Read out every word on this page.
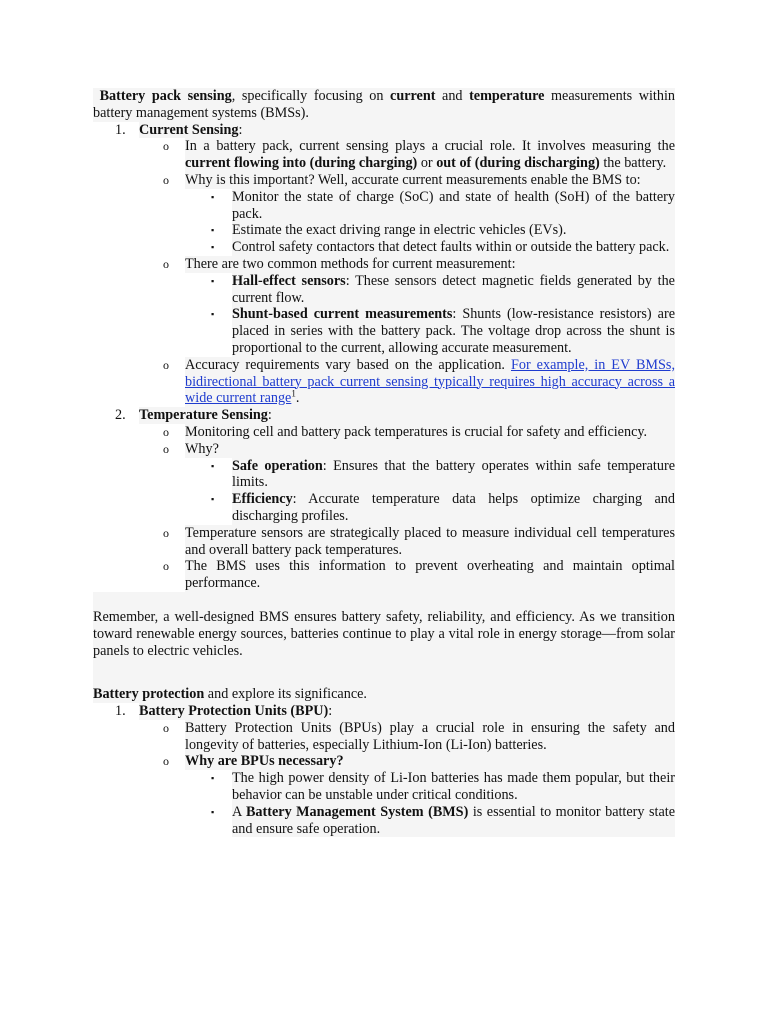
Battery pack sensing, specifically focusing on current and temperature measurements within battery management systems (BMSs).

1. Current Sensing:

o In a battery pack, current sensing plays a crucial role. It involves measuring the current flowing into (during charging) or out of (during discharging) the battery.

o Why is this important? Well, accurate current measurements enable the BMS to:

▪ Monitor the state of charge (SoC) and state of health (SoH) of the battery pack.

▪ Estimate the exact driving range in electric vehicles (EVs).

▪ Control safety contactors that detect faults within or outside the battery pack.

o There are two common methods for current measurement:

▪ Hall-effect sensors: These sensors detect magnetic fields generated by the current flow.

▪ Shunt-based current measurements: Shunts (low-resistance resistors) are placed in series with the battery pack. The voltage drop across the shunt is proportional to the current, allowing accurate measurement.

o Accuracy requirements vary based on the application. For example, in EV BMSs, bidirectional battery pack current sensing typically requires high accuracy across a wide current range$^1$.

2. Temperature Sensing:

o Monitoring cell and battery pack temperatures is crucial for safety and efficiency.

o Why?

▪ Safe operation: Ensures that the battery operates within safe temperature limits.

▪ Efficiency: Accurate temperature data helps optimize charging and discharging profiles.

o Temperature sensors are strategically placed to measure individual cell temperatures and overall battery pack temperatures.

o The BMS uses this information to prevent overheating and maintain optimal performance.

Remember, a well-designed BMS ensures battery safety, reliability, and efficiency. As we transition toward renewable energy sources, batteries continue to play a vital role in energy storage—from solar panels to electric vehicles.

Battery protection and explore its significance.

1. Battery Protection Units (BPU):

o Battery Protection Units (BPUs) play a crucial role in ensuring the safety and longevity of batteries, especially Lithium-Ion (Li-Ion) batteries.

o Why are BPUs necessary?

▪ The high power density of Li-Ion batteries has made them popular, but their behavior can be unstable under critical conditions.

▪ A Battery Management System (BMS) is essential to monitor battery state and ensure safe operation.
